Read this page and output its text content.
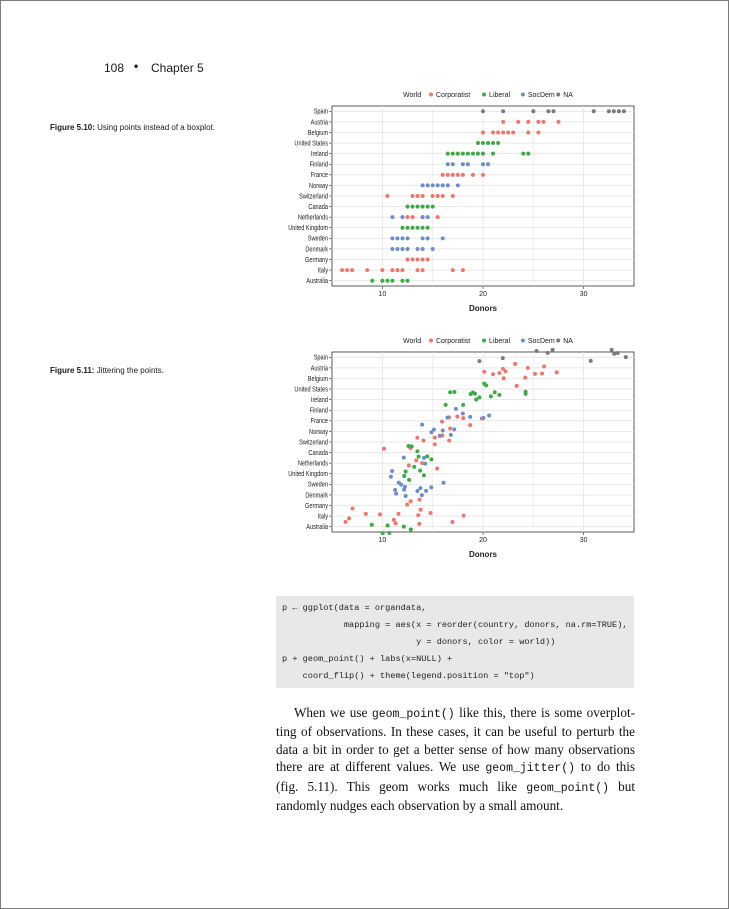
108 • Chapter 5
Figure 5.10: Using points instead of a boxplot.
Figure 5.11: Jittering the points.
World Corporatist	Liberal	SocDem NA
Spain
Austria
Belgium
United States
Ireland
Finland
France
Norway
Switzerland
Canada
Netherlands
United Kingdom
Sweden
Denmark
Germany
Italy
Australia
10	20	30
Donors
World Corporatist	Liberal	SocDem NA
Spain
Austria
Belgium
United States
Ireland
Finland
France
Norway
Switzerland
Canada
Netherlands
United Kingdom
Sweden
Denmark
Germany
Italy
Australia
10	20	30
Donors
p ← ggplot(data = organdata,
mapping = aes(x = reorder(country, donors, na.rm=TRUE),
y = donors, color = world))
p + geom_point() + labs(x=NULL) +
coord_flip() + theme(legend.position = "top")
When we use geom_point() like this, there is some overplotting of observations. In these cases, it can be useful to perturb the data a bit in order to get a better sense of how many observations there are at different values. We use geom_jitter() to do this (fig. 5.11). This geom works much like geom_point() but randomly nudges each observation by a small amount.
